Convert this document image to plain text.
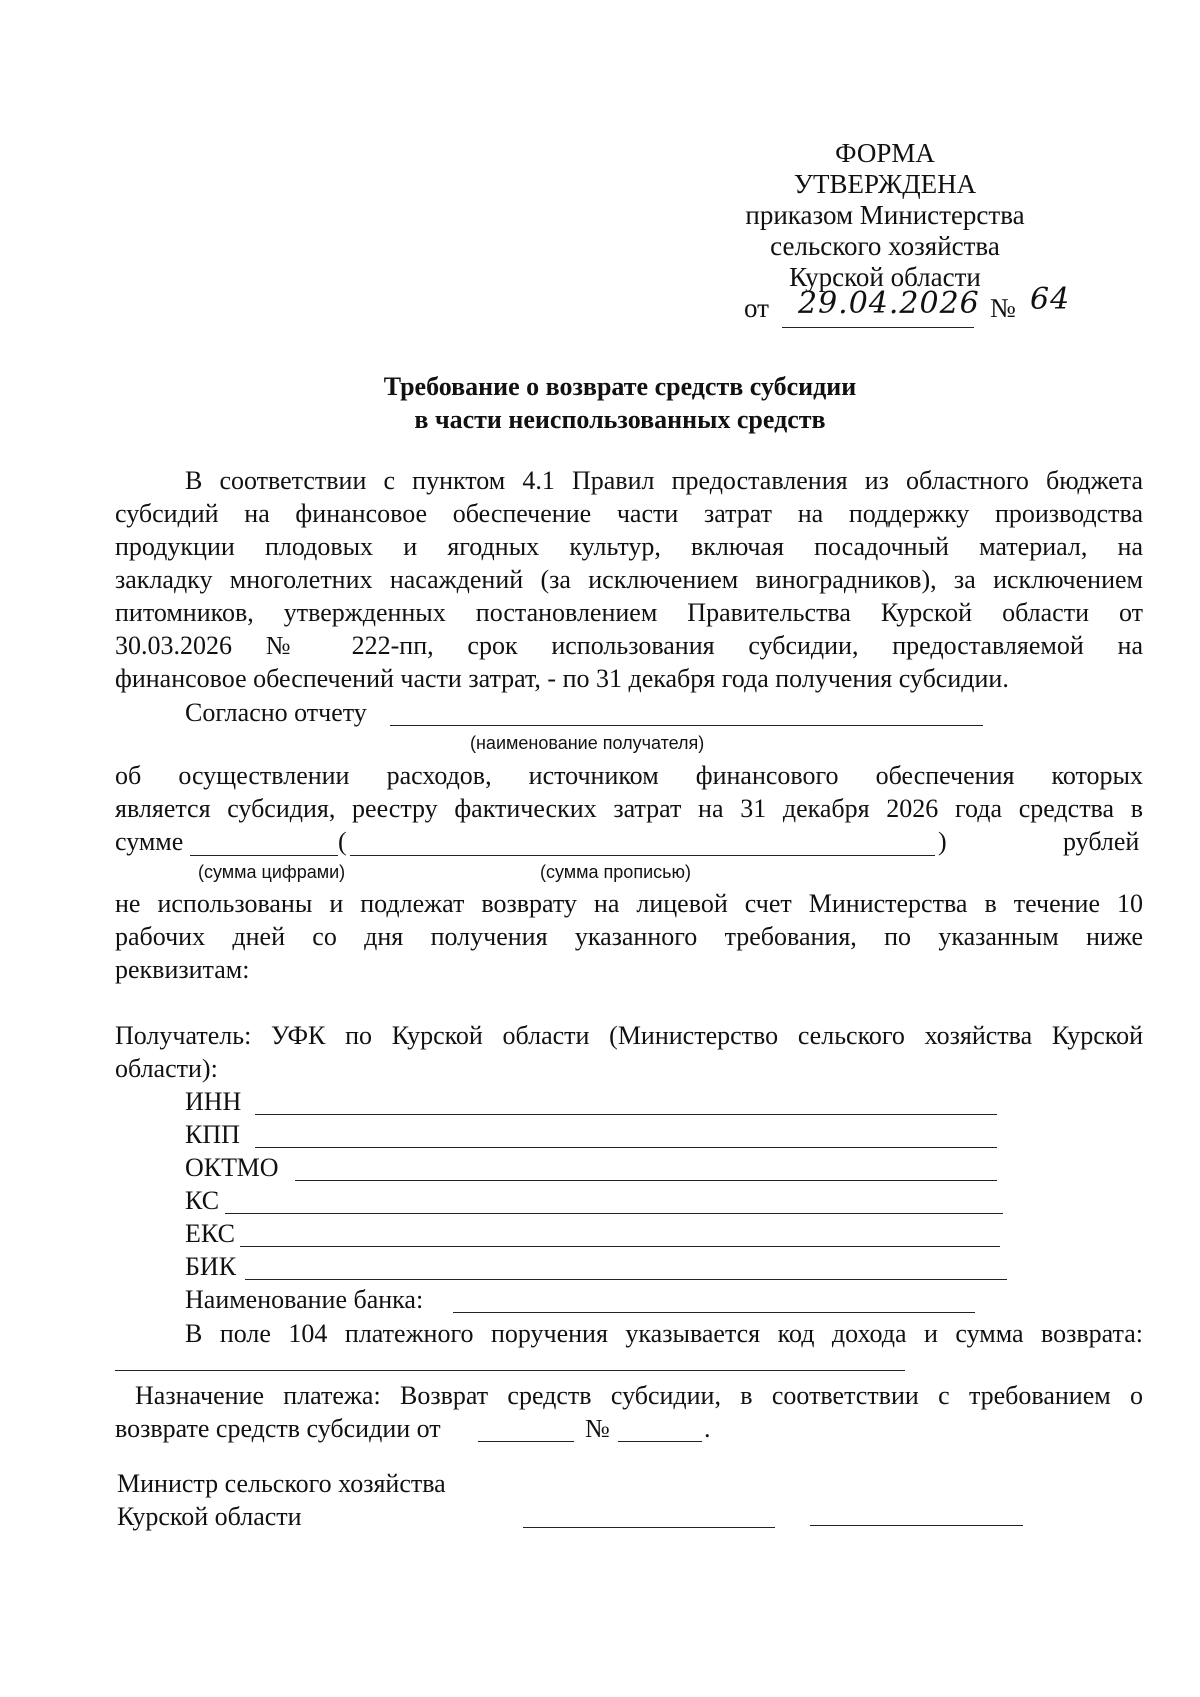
ФОРМА
УТВЕРЖДЕНА
приказом Министерства
сельского хозяйства
Курской области
от 29.04.2026 № 64
Требование о возврате средств субсидии
в части неиспользованных средств
В соответствии с пунктом 4.1 Правил предоставления из областного бюджета
субсидий на финансовое обеспечение части затрат на поддержку производства
продукции плодовых и ягодных культур, включая посадочный материал, на
закладку многолетних насаждений (за исключением виноградников), за исключением
питомников, утвержденных постановлением Правительства Курской области от
30.03.2026 № 222-пп, срок использования субсидии, предоставляемой на
финансовое обеспечений части затрат, - по 31 декабря года получения субсидии.
Согласно отчету
(наименование получателя)
об осуществлении расходов, источником финансового обеспечения которых
является субсидия, реестру фактических затрат на 31 декабря 2026 года средства в
сумме	(	)	рублей
(сумма цифрами)	(сумма прописью)
не использованы и подлежат возврату на лицевой счет Министерства в течение 10
рабочих дней со дня получения указанного требования, по указанным ниже
реквизитам:
Получатель: УФК по Курской области (Министерство сельского хозяйства Курской
области):
ИНН
КПП
ОКТМО
КС
ЕКС
БИК
Наименование банка:
В поле 104 платежного поручения указывается код дохода и сумма возврата:
Назначение платежа: Возврат средств субсидии, в соответствии с требованием о
возврате средств субсидии от	№	.
Министр сельского хозяйства
Курской области
